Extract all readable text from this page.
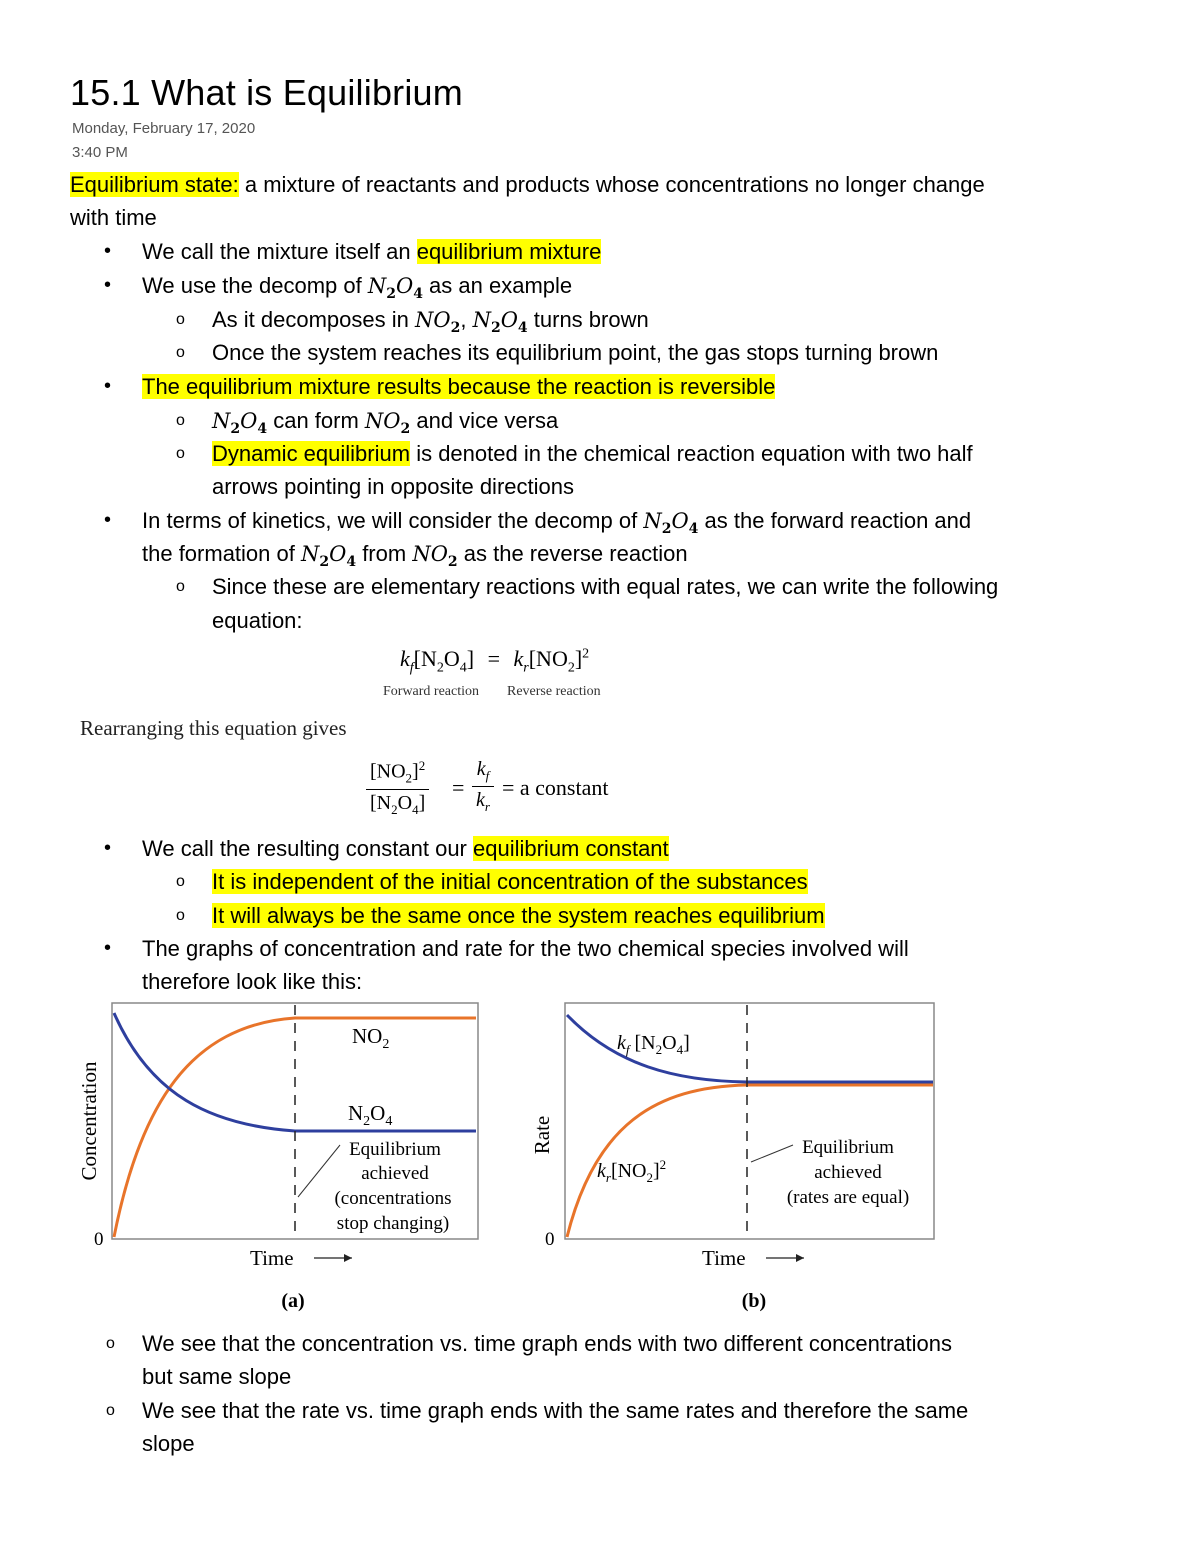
15.1 What is Equilibrium
Monday, February 17, 2020
3:40 PM
Equilibrium state: a mixture of reactants and products whose concentrations no longer change
with time
• We call the mixture itself an equilibrium mixture
• We use the decomp of $N_2O_4$ as an example
o As it decomposes in $NO_2$, $N_2O_4$ turns brown
o Once the system reaches its equilibrium point, the gas stops turning brown
• The equilibrium mixture results because the reaction is reversible
o $N_2O_4$ can form $NO_2$ and vice versa
o Dynamic equilibrium is denoted in the chemical reaction equation with two half
arrows pointing in opposite directions
• In terms of kinetics, we will consider the decomp of $N_2O_4$ as the forward reaction and
the formation of $N_2O_4$ from $NO_2$ as the reverse reaction
o Since these are elementary reactions with equal rates, we can write the following
equation:
$k_f[N_2O_4] = k_r[NO_2]^2$
Forward reaction Reverse reaction
Rearranging this equation gives
$\frac{[NO_2]^2}{[N_2O_4]} = \frac{k_f}{k_r} = a$ constant
• We call the resulting constant our equilibrium constant
o It is independent of the initial concentration of the substances
o It will always be the same once the system reaches equilibrium
• The graphs of concentration and rate for the two chemical species involved will
therefore look like this:
$NO_2$
$N_2O_4$
Equilibrium
achieved
(concentrations
stop changing)
Concentration
0
Time
(a)
$k_f$ $[N_2O_4]$
$k_r[NO_2]^2$
Equilibrium
achieved
(rates are equal)
Rate
0
Time
(b)
o We see that the concentration vs. time graph ends with two different concentrations
but same slope
o We see that the rate vs. time graph ends with the same rates and therefore the same
slope
